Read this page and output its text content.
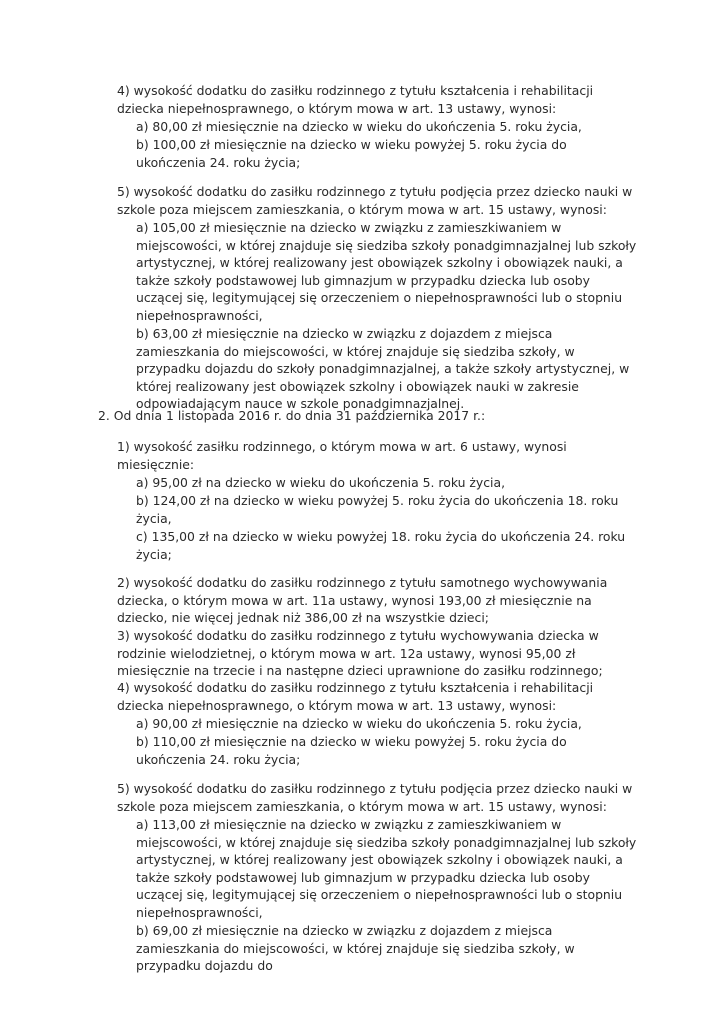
4) wysokość dodatku do zasiłku rodzinnego z tytułu kształcenia i rehabilitacji dziecka niepełnosprawnego, o którym mowa w art. 13 ustawy, wynosi:

a) 80,00 zł miesięcznie na dziecko w wieku do ukończenia 5. roku życia,

b) 100,00 zł miesięcznie na dziecko w wieku powyżej 5. roku życia do ukończenia 24. roku życia;

5) wysokość dodatku do zasiłku rodzinnego z tytułu podjęcia przez dziecko nauki w szkole poza miejscem zamieszkania, o którym mowa w art. 15 ustawy, wynosi:

a) 105,00 zł miesięcznie na dziecko w związku z zamieszkiwaniem w miejscowości, w której znajduje się siedziba szkoły ponadgimnazjalnej lub szkoły artystycznej, w której realizowany jest obowiązek szkolny i obowiązek nauki, a także szkoły podstawowej lub gimnazjum w przypadku dziecka lub osoby uczącej się, legitymującej się orzeczeniem o niepełnosprawności lub o stopniu niepełnosprawności,

b) 63,00 zł miesięcznie na dziecko w związku z dojazdem z miejsca zamieszkania do miejscowości, w której znajduje się siedziba szkoły, w przypadku dojazdu do szkoły ponadgimnazjalnej, a także szkoły artystycznej, w której realizowany jest obowiązek szkolny i obowiązek nauki w zakresie odpowiadającym nauce w szkole ponadgimnazjalnej.

2. Od dnia 1 listopada 2016 r. do dnia 31 października 2017 r.:

1) wysokość zasiłku rodzinnego, o którym mowa w art. 6 ustawy, wynosi miesięcznie:

a) 95,00 zł na dziecko w wieku do ukończenia 5. roku życia,

b) 124,00 zł na dziecko w wieku powyżej 5. roku życia do ukończenia 18. roku życia,

c) 135,00 zł na dziecko w wieku powyżej 18. roku życia do ukończenia 24. roku życia;

2) wysokość dodatku do zasiłku rodzinnego z tytułu samotnego wychowywania dziecka, o którym mowa w art. 11a ustawy, wynosi 193,00 zł miesięcznie na dziecko, nie więcej jednak niż 386,00 zł na wszystkie dzieci;

3) wysokość dodatku do zasiłku rodzinnego z tytułu wychowywania dziecka w rodzinie wielodzietnej, o którym mowa w art. 12a ustawy, wynosi 95,00 zł miesięcznie na trzecie i na następne dzieci uprawnione do zasiłku rodzinnego;

4) wysokość dodatku do zasiłku rodzinnego z tytułu kształcenia i rehabilitacji dziecka niepełnosprawnego, o którym mowa w art. 13 ustawy, wynosi:

a) 90,00 zł miesięcznie na dziecko w wieku do ukończenia 5. roku życia,

b) 110,00 zł miesięcznie na dziecko w wieku powyżej 5. roku życia do ukończenia 24. roku życia;

5) wysokość dodatku do zasiłku rodzinnego z tytułu podjęcia przez dziecko nauki w szkole poza miejscem zamieszkania, o którym mowa w art. 15 ustawy, wynosi:

a) 113,00 zł miesięcznie na dziecko w związku z zamieszkiwaniem w miejscowości, w której znajduje się siedziba szkoły ponadgimnazjalnej lub szkoły artystycznej, w której realizowany jest obowiązek szkolny i obowiązek nauki, a także szkoły podstawowej lub gimnazjum w przypadku dziecka lub osoby uczącej się, legitymującej się orzeczeniem o niepełnosprawności lub o stopniu niepełnosprawności,

b) 69,00 zł miesięcznie na dziecko w związku z dojazdem z miejsca zamieszkania do miejscowości, w której znajduje się siedziba szkoły, w przypadku dojazdu do
